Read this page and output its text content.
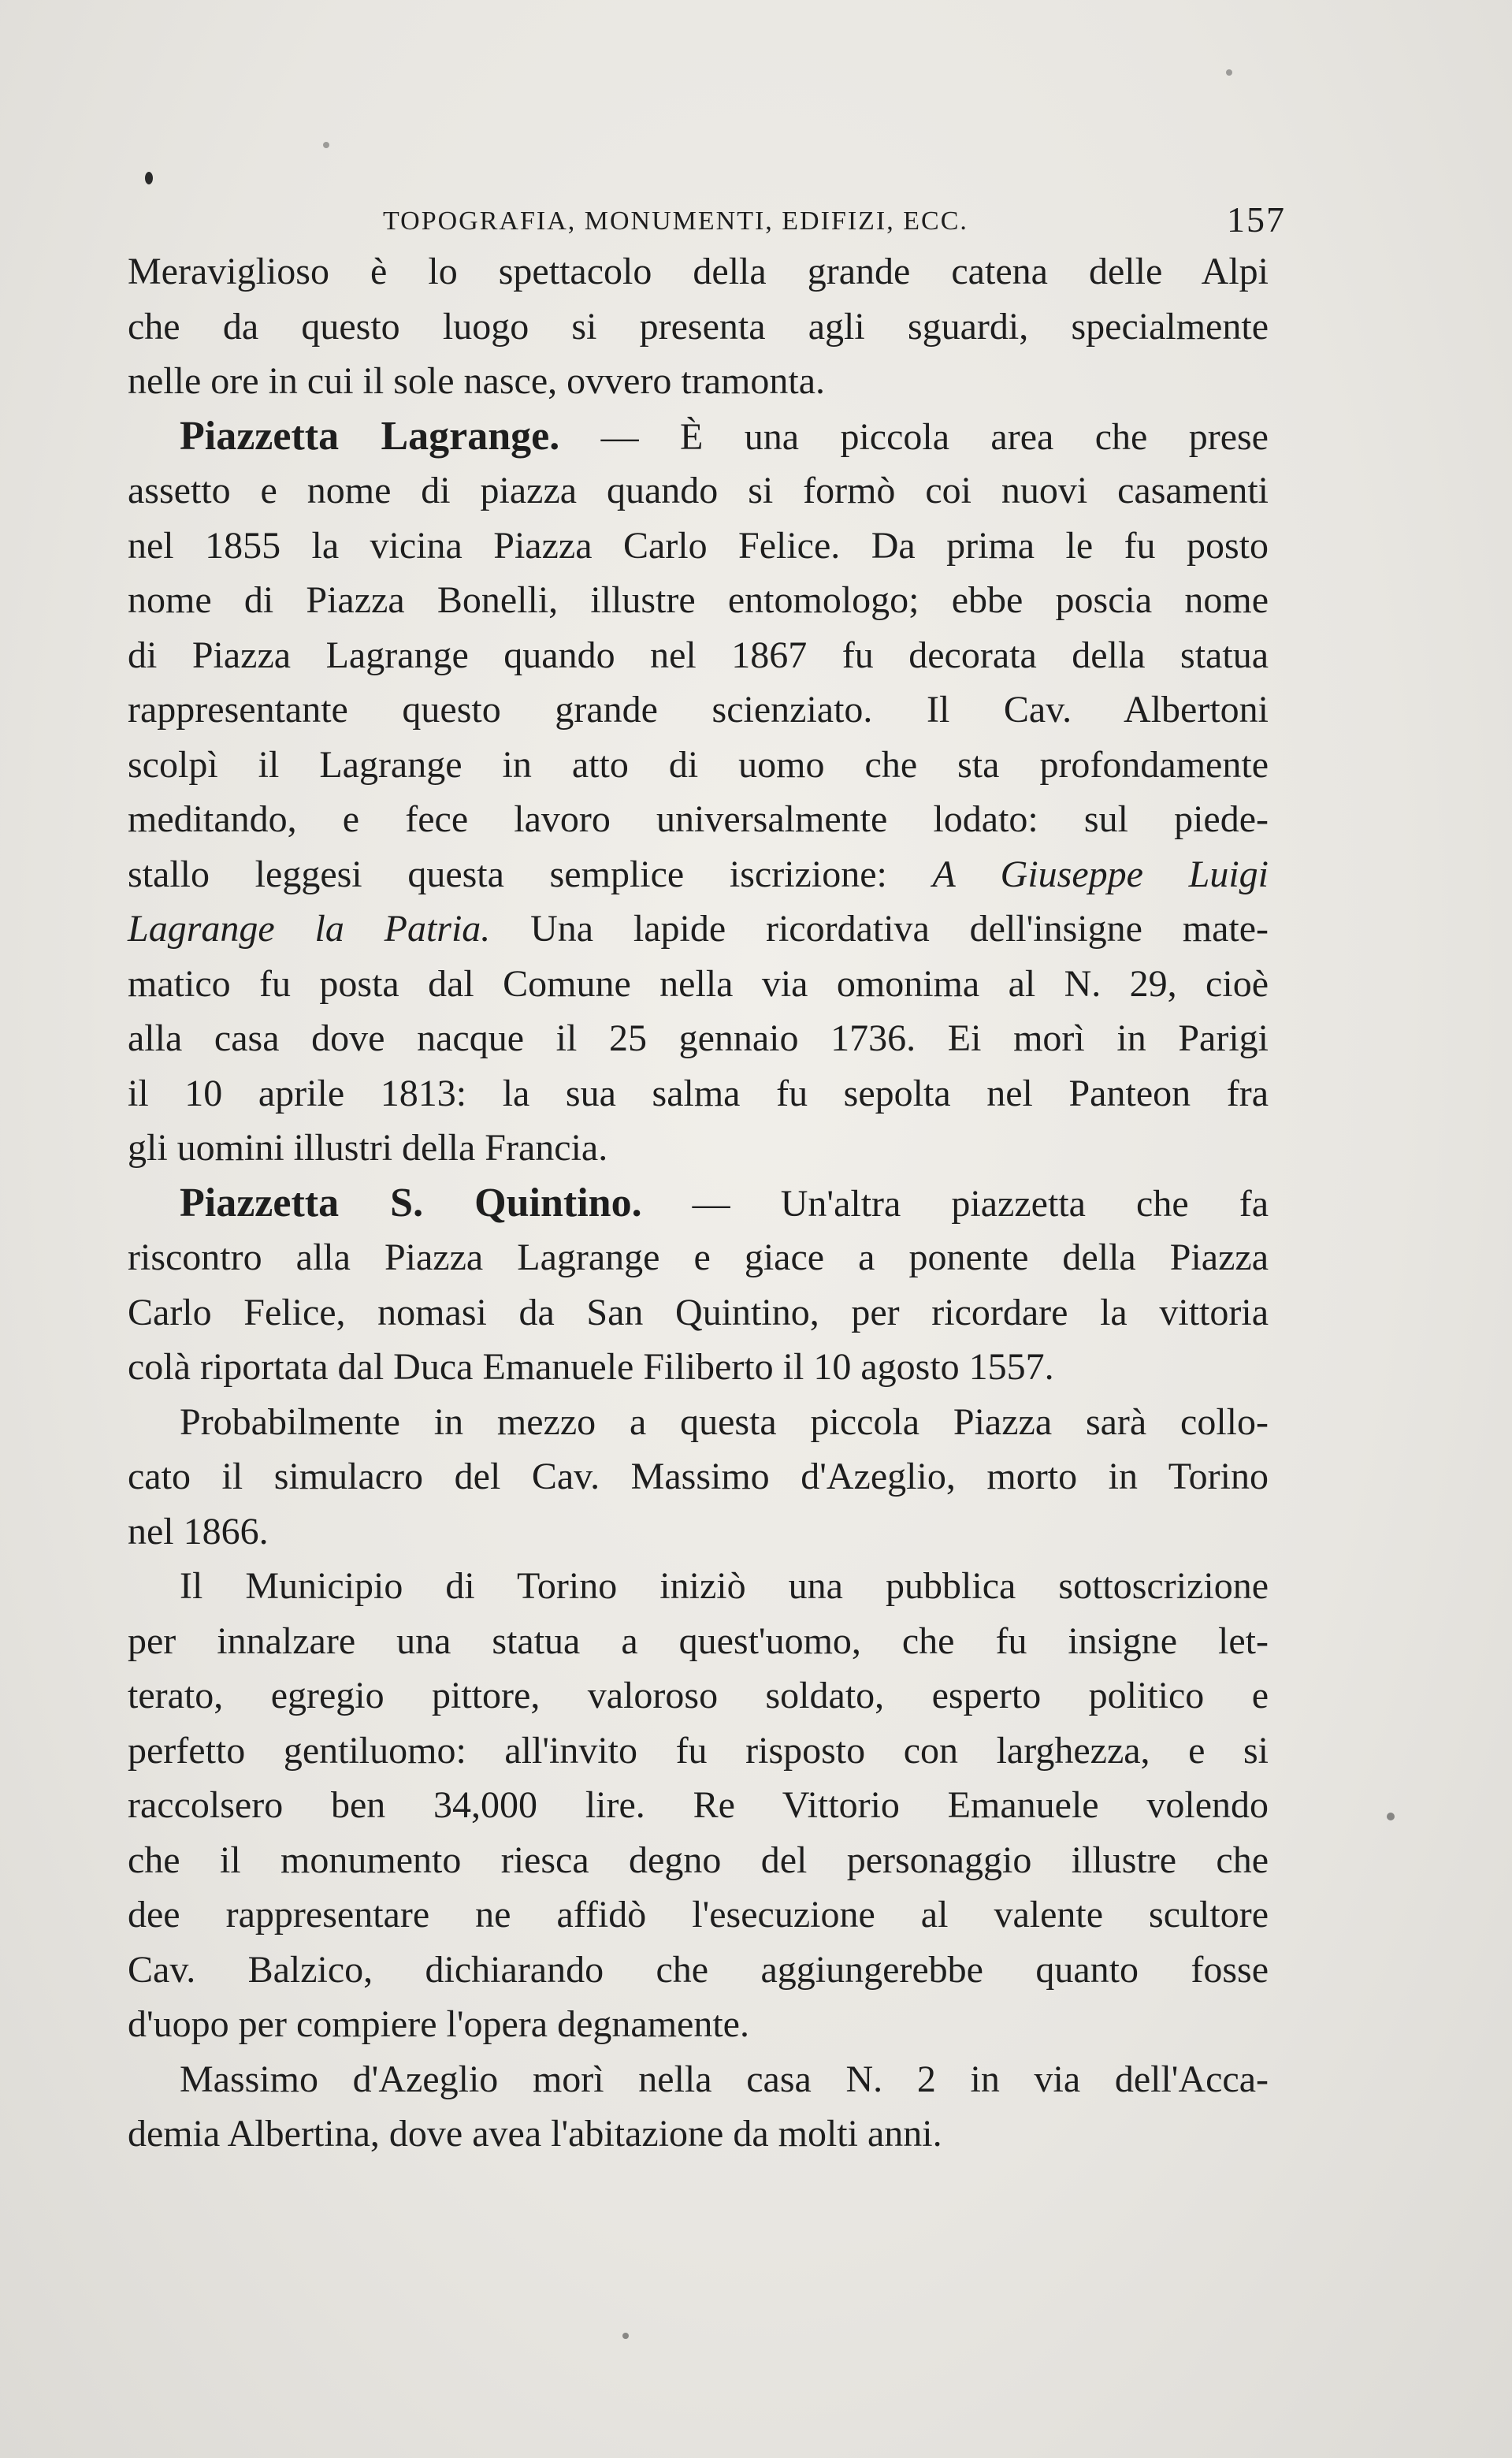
TOPOGRAFIA, MONUMENTI, EDIFIZI, ECC.	157
Meraviglioso è lo spettacolo della grande catena delle Alpi
che da questo luogo si presenta agli sguardi, specialmente
nelle ore in cui il sole nasce, ovvero tramonta.
Piazzetta Lagrange. — È una piccola area che prese
assetto e nome di piazza quando si formò coi nuovi casamenti
nel 1855 la vicina Piazza Carlo Felice. Da prima le fu posto
nome di Piazza Bonelli, illustre entomologo; ebbe poscia nome
di Piazza Lagrange quando nel 1867 fu decorata della statua
rappresentante questo grande scienziato. Il Cav. Albertoni
scolpì il Lagrange in atto di uomo che sta profondamente
meditando, e fece lavoro universalmente lodato: sul piede-
stallo leggesi questa semplice iscrizione: A Giuseppe Luigi
Lagrange la Patria. Una lapide ricordativa dell'insigne mate-
matico fu posta dal Comune nella via omonima al N. 29, cioè
alla casa dove nacque il 25 gennaio 1736. Ei morì in Parigi
il 10 aprile 1813: la sua salma fu sepolta nel Panteon fra
gli uomini illustri della Francia.
Piazzetta S. Quintino. — Un'altra piazzetta che fa
riscontro alla Piazza Lagrange e giace a ponente della Piazza
Carlo Felice, nomasi da San Quintino, per ricordare la vittoria
colà riportata dal Duca Emanuele Filiberto il 10 agosto 1557.
Probabilmente in mezzo a questa piccola Piazza sarà collo-
cato il simulacro del Cav. Massimo d'Azeglio, morto in Torino
nel 1866.
Il Municipio di Torino iniziò una pubblica sottoscrizione
per innalzare una statua a quest'uomo, che fu insigne let-
terato, egregio pittore, valoroso soldato, esperto politico e
perfetto gentiluomo: all'invito fu risposto con larghezza, e si
raccolsero ben 34,000 lire. Re Vittorio Emanuele volendo
che il monumento riesca degno del personaggio illustre che
dee rappresentare ne affidò l'esecuzione al valente scultore
Cav. Balzico, dichiarando che aggiungerebbe quanto fosse
d'uopo per compiere l'opera degnamente.
Massimo d'Azeglio morì nella casa N. 2 in via dell'Acca-
demia Albertina, dove avea l'abitazione da molti anni.
